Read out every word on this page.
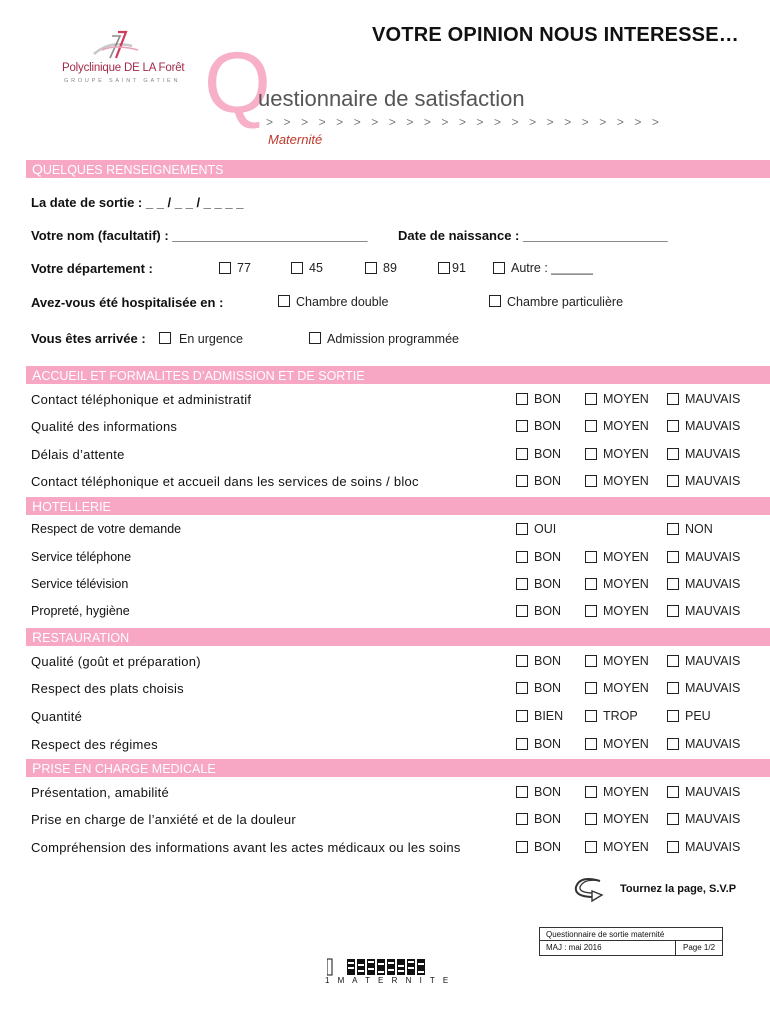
Polyclinique DE LA Forêt
GROUPE SAINT GATIEN
VOTRE OPINION NOUS INTERESSE…
Q
uestionnaire de satisfaction
> > > > > > > > > > > > > > > > > > > > > > >
Maternité
QUELQUES RENSEIGNEMENTS
La date de sortie : _ _ / _ _ / _ _ _ _
Votre nom (facultatif) : ___________________________ Date de naissance : ____________________
Votre département :	77	45	89	91	Autre : ______
Avez-vous été hospitalisée en :	Chambre double	Chambre particulière
Vous êtes arrivée :	En urgence	Admission programmée
ACCUEIL ET FORMALITES D’ADMISSION ET DE SORTIE
HOTELLERIE
RESTAURATION
PRISE EN CHARGE MEDICALE
Contact téléphonique et administratif	BON	MOYEN	MAUVAIS
Qualité des informations	BON	MOYEN	MAUVAIS
Délais d’attente	BON	MOYEN	MAUVAIS
Contact téléphonique et accueil dans les services de soins / bloc	BON	MOYEN	MAUVAIS
Respect de votre demande	OUI	NON
Service téléphone	BON	MOYEN	MAUVAIS
Service télévision	BON	MOYEN	MAUVAIS
Propreté, hygiène	BON	MOYEN	MAUVAIS
Qualité (goût et préparation)	BON	MOYEN	MAUVAIS
Respect des plats choisis	BON	MOYEN	MAUVAIS
Quantité	BIEN	TROP	PEU
Respect des régimes	BON	MOYEN	MAUVAIS
Présentation, amabilité	BON	MOYEN	MAUVAIS
Prise en charge de l’anxiété et de la douleur	BON	MOYEN	MAUVAIS
Compréhension des informations avant les actes médicaux ou les soins	BON	MOYEN	MAUVAIS
Tournez la page, S.V.P
Questionnaire de sortie maternité
MAJ : mai 2016	Page 1/2
1 M A T E R N I T E
